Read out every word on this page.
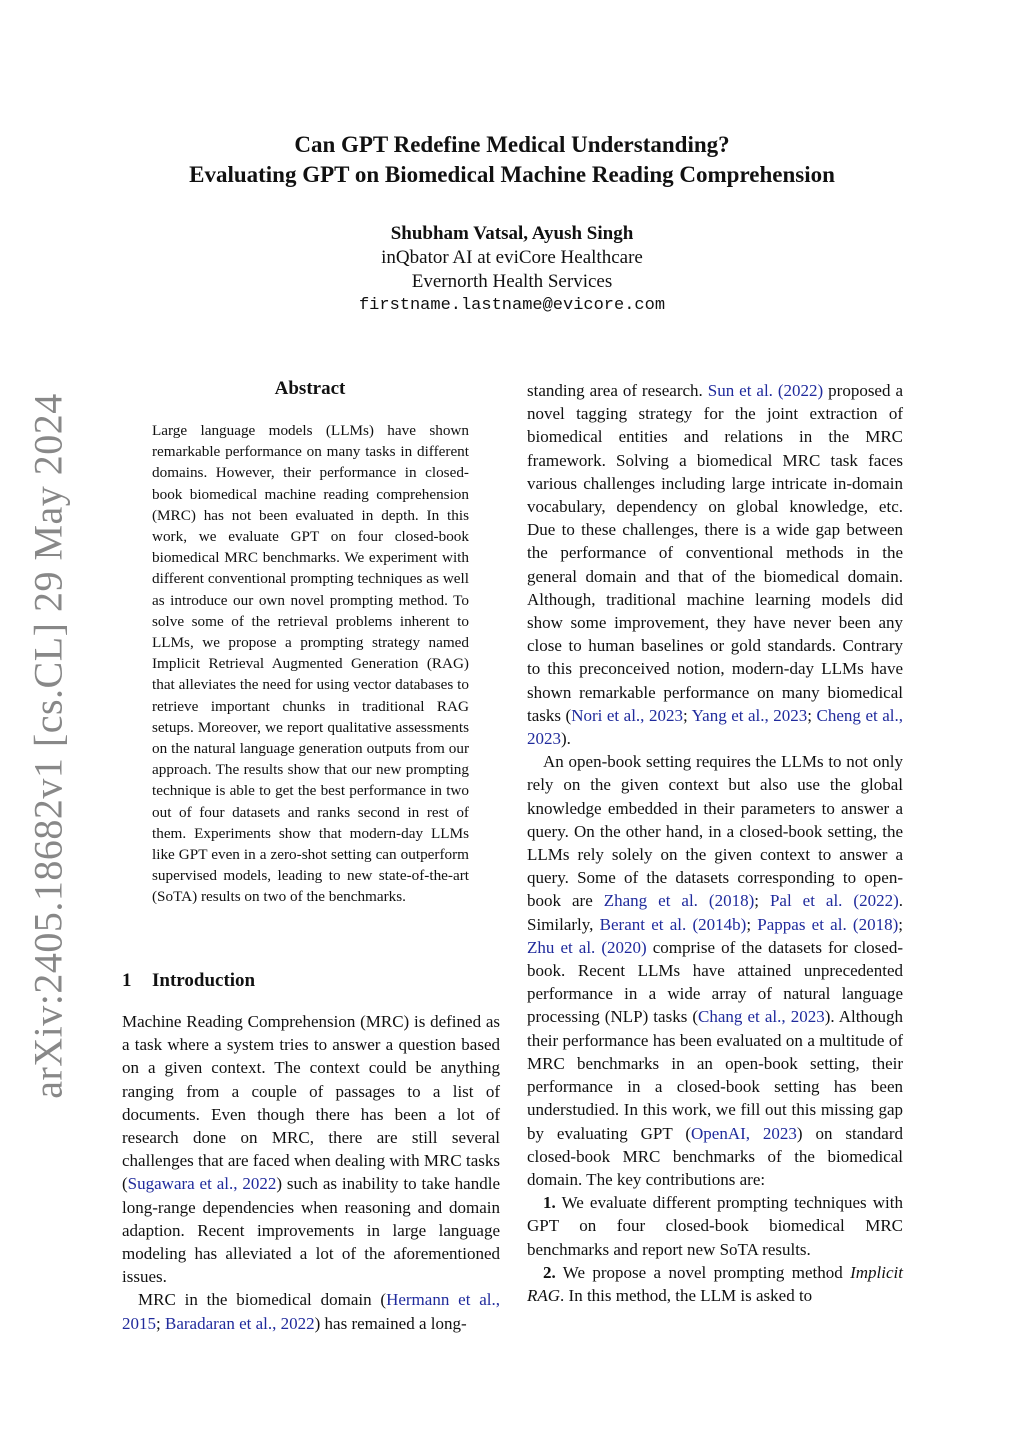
arXiv:2405.18682v1 [cs.CL] 29 May 2024
Can GPT Redefine Medical Understanding?
Evaluating GPT on Biomedical Machine Reading Comprehension
Shubham Vatsal, Ayush Singh
inQbator AI at eviCore Healthcare
Evernorth Health Services
firstname.lastname@evicore.com
Abstract
Large language models (LLMs) have shown remarkable performance on many tasks in different domains. However, their performance in closed-book biomedical machine reading comprehension (MRC) has not been evaluated in depth. In this work, we evaluate GPT on four closed-book biomedical MRC benchmarks. We experiment with different conventional prompting techniques as well as introduce our own novel prompting method. To solve some of the retrieval problems inherent to LLMs, we propose a prompting strategy named Implicit Retrieval Augmented Generation (RAG) that alleviates the need for using vector databases to retrieve important chunks in traditional RAG setups. Moreover, we report qualitative assessments on the natural language generation outputs from our approach. The results show that our new prompting technique is able to get the best performance in two out of four datasets and ranks second in rest of them. Experiments show that modern-day LLMs like GPT even in a zero-shot setting can outperform supervised models, leading to new state-of-the-art (SoTA) results on two of the benchmarks.
1 Introduction

Machine Reading Comprehension (MRC) is defined as a task where a system tries to answer a question based on a given context. The context could be anything ranging from a couple of passages to a list of documents. Even though there has been a lot of research done on MRC, there are still several challenges that are faced when dealing with MRC tasks (Sugawara et al., 2022) such as inability to take handle long-range dependencies when reasoning and domain adaption. Recent improvements in large language modeling has alleviated a lot of the aforementioned issues.

MRC in the biomedical domain (Hermann et al., 2015; Baradaran et al., 2022) has remained a long-

standing area of research. Sun et al. (2022) proposed a novel tagging strategy for the joint extraction of biomedical entities and relations in the MRC framework. Solving a biomedical MRC task faces various challenges including large intricate in-domain vocabulary, dependency on global knowledge, etc. Due to these challenges, there is a wide gap between the performance of conventional methods in the general domain and that of the biomedical domain. Although, traditional machine learning models did show some improvement, they have never been any close to human baselines or gold standards. Contrary to this preconceived notion, modern-day LLMs have shown remarkable performance on many biomedical tasks (Nori et al., 2023; Yang et al., 2023; Cheng et al., 2023).

An open-book setting requires the LLMs to not only rely on the given context but also use the global knowledge embedded in their parameters to answer a query. On the other hand, in a closed-book setting, the LLMs rely solely on the given context to answer a query. Some of the datasets corresponding to open-book are Zhang et al. (2018); Pal et al. (2022). Similarly, Berant et al. (2014b); Pappas et al. (2018); Zhu et al. (2020) comprise of the datasets for closed-book. Recent LLMs have attained unprecedented performance in a wide array of natural language processing (NLP) tasks (Chang et al., 2023). Although their performance has been evaluated on a multitude of MRC benchmarks in an open-book setting, their performance in a closed-book setting has been understudied. In this work, we fill out this missing gap by evaluating GPT (OpenAI, 2023) on standard closed-book MRC benchmarks of the biomedical domain. The key contributions are:

1. We evaluate different prompting techniques with GPT on four closed-book biomedical MRC benchmarks and report new SoTA results.

2. We propose a novel prompting method Implicit RAG. In this method, the LLM is asked to
